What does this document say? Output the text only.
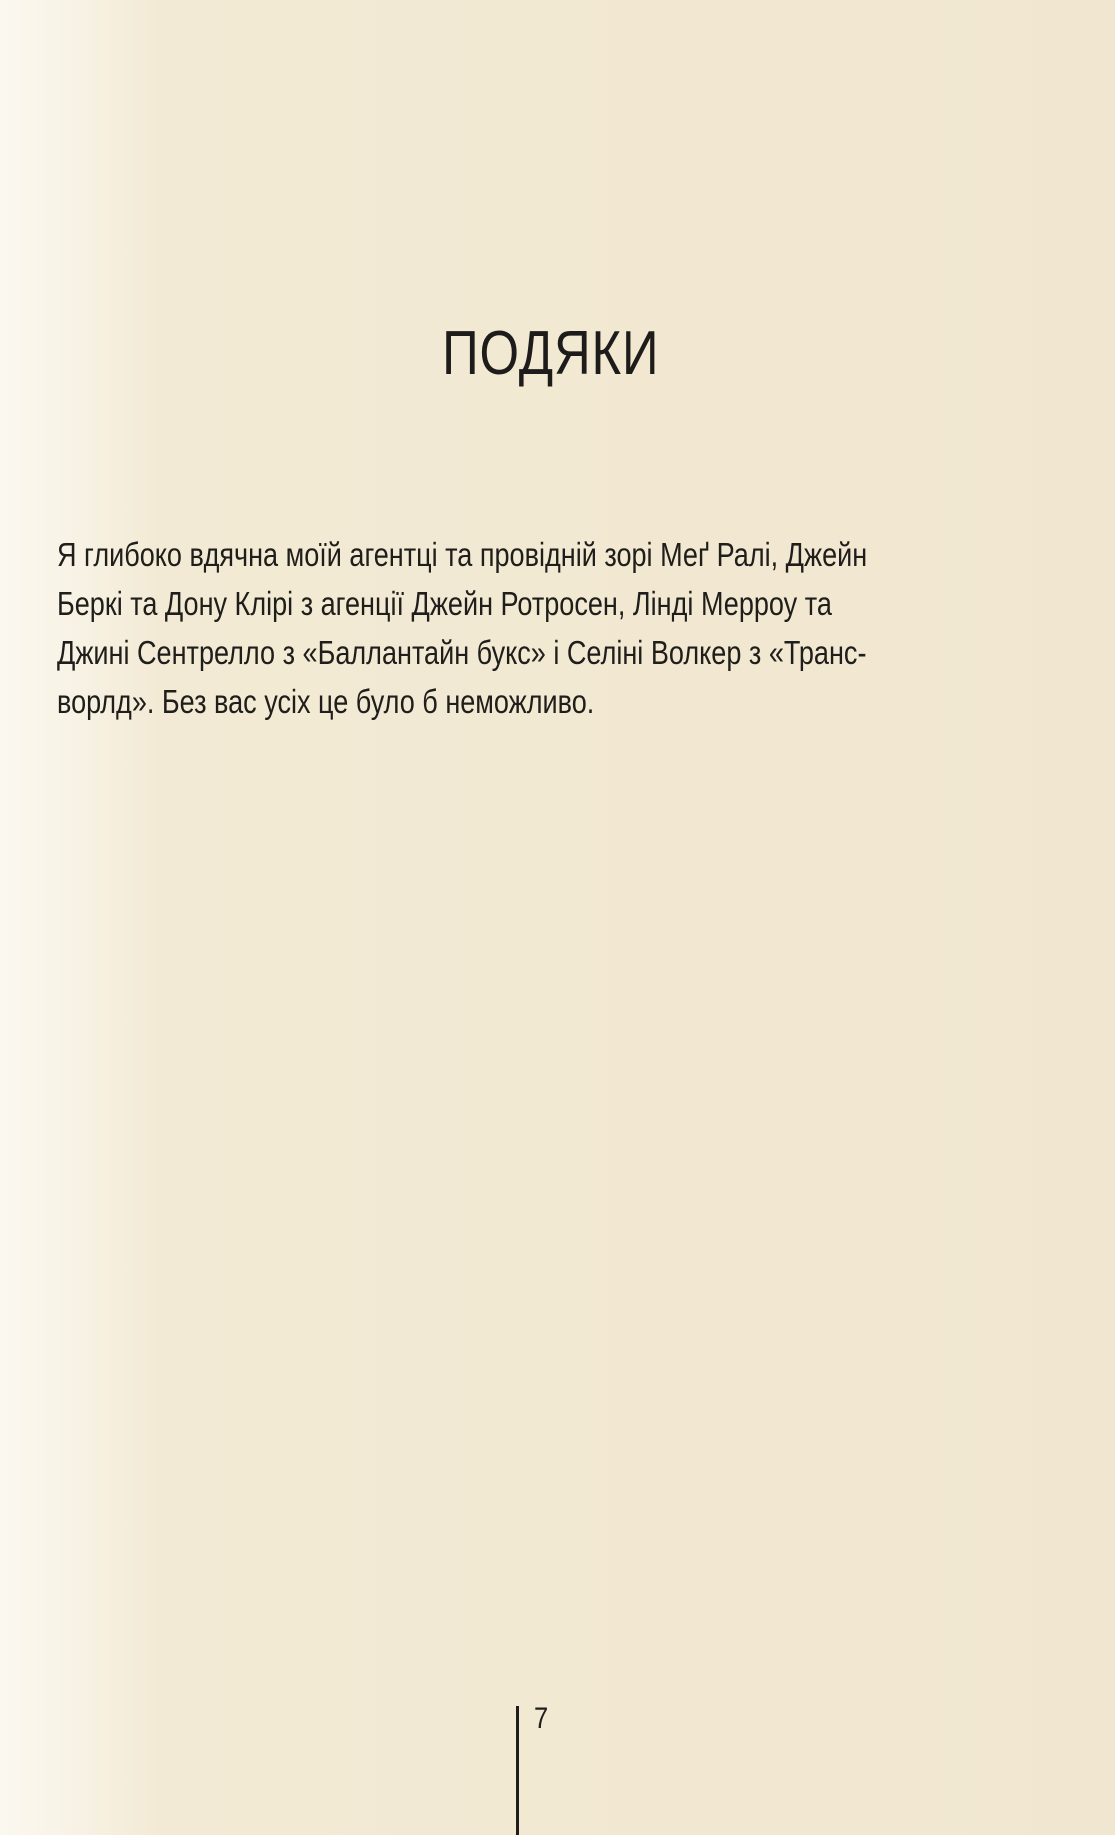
ПОДЯКИ

Я глибоко вдячна моїй агентці та провідній зорі Меґ Ралі, Джейн
Беркі та Дону Клірі з агенції Джейн Ротросен, Лінді Мерроу та
Джині Сентрелло з «Баллантайн букс» і Селіні Волкер з «Транс-
ворлд». Без вас усіх це було б неможливо.

7
